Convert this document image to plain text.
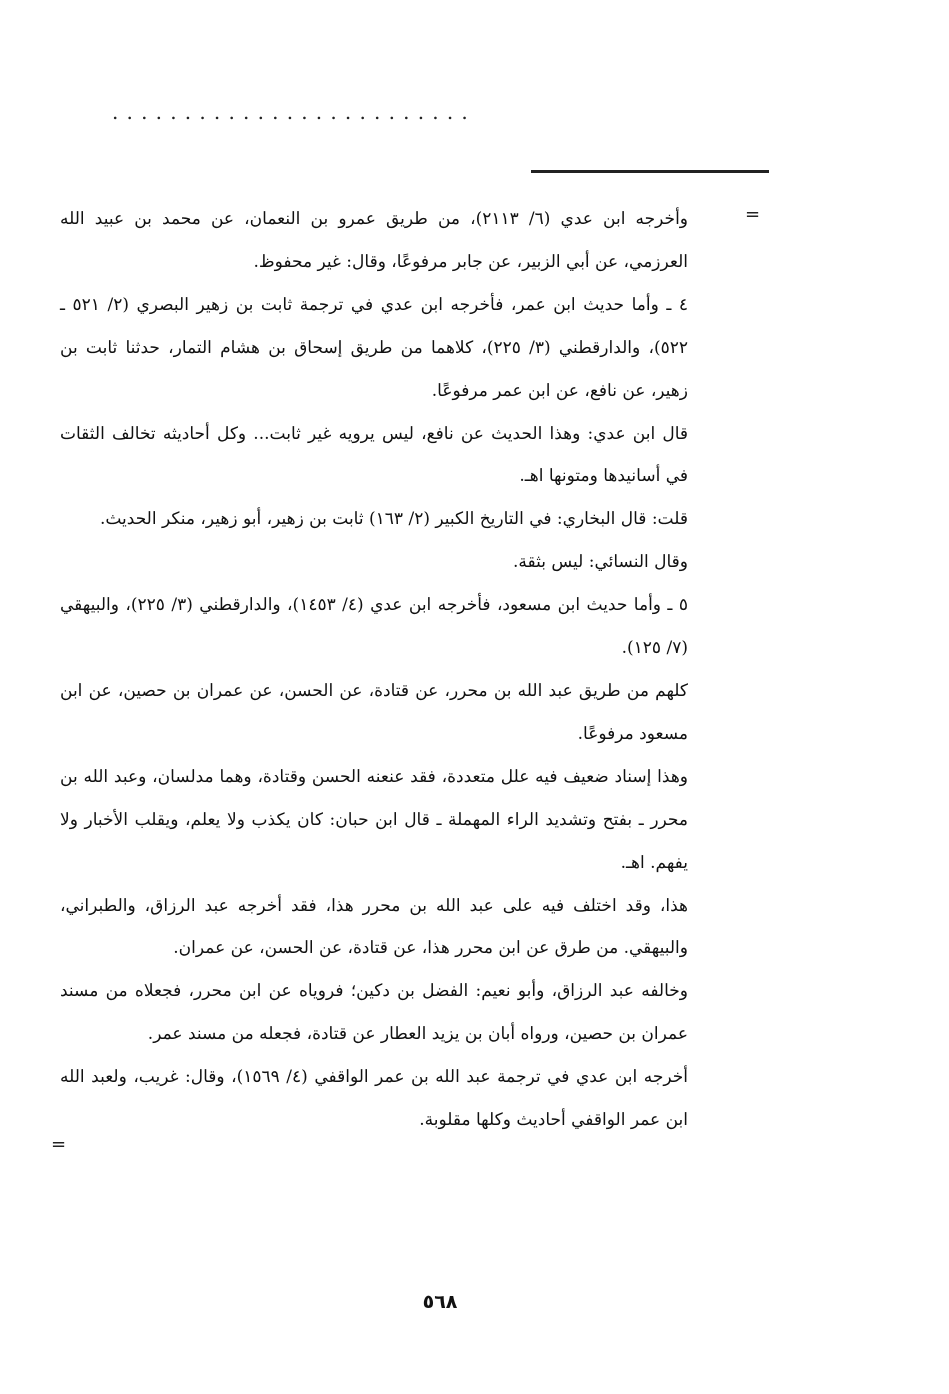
.........................
=

وأخرجه ابن عدي (٦/ ٢١١٣)، من طريق عمرو بن النعمان، عن محمد بن عبيد الله العرزمي، عن أبي الزبير، عن جابر مرفوعًا، وقال: غير محفوظ.

٤ ـ وأما حديث ابن عمر، فأخرجه ابن عدي في ترجمة ثابت بن زهير البصري (٢/ ٥٢١ ـ ٥٢٢)، والدارقطني (٣/ ٢٢٥)، كلاهما من طريق إسحاق بن هشام التمار، حدثنا ثابت بن زهير، عن نافع، عن ابن عمر مرفوعًا.

قال ابن عدي: وهذا الحديث عن نافع، ليس يرويه غير ثابت... وكل أحاديثه تخالف الثقات في أسانيدها ومتونها اهـ.

قلت: قال البخاري: في التاريخ الكبير (٢/ ١٦٣) ثابت بن زهير، أبو زهير، منكر الحديث.

وقال النسائي: ليس بثقة.

٥ ـ وأما حديث ابن مسعود، فأخرجه ابن عدي (٤/ ١٤٥٣)، والدارقطني (٣/ ٢٢٥)، والبيهقي (٧/ ١٢٥).

كلهم من طريق عبد الله بن محرر، عن قتادة، عن الحسن، عن عمران بن حصين، عن ابن مسعود مرفوعًا.

وهذا إسناد ضعيف فيه علل متعددة، فقد عنعنه الحسن وقتادة، وهما مدلسان، وعبد الله بن محرر ـ بفتح وتشديد الراء المهملة ـ قال ابن حبان: كان يكذب ولا يعلم، ويقلب الأخبار ولا يفهم. اهـ.

هذا، وقد اختلف فيه على عبد الله بن محرر هذا، فقد أخرجه عبد الرزاق، والطبراني، والبيهقي. من طرق عن ابن محرر هذا، عن قتادة، عن الحسن، عن عمران.

وخالفه عبد الرزاق، وأبو نعيم: الفضل بن دكين؛ فروياه عن ابن محرر، فجعلاه من مسند عمران بن حصين، ورواه أبان بن يزيد العطار عن قتادة، فجعله من مسند عمر.

أخرجه ابن عدي في ترجمة عبد الله بن عمر الواقفي (٤/ ١٥٦٩)، وقال: غريب، ولعبد الله ابن عمر الواقفي أحاديث وكلها مقلوبة.

=
٥٦٨
